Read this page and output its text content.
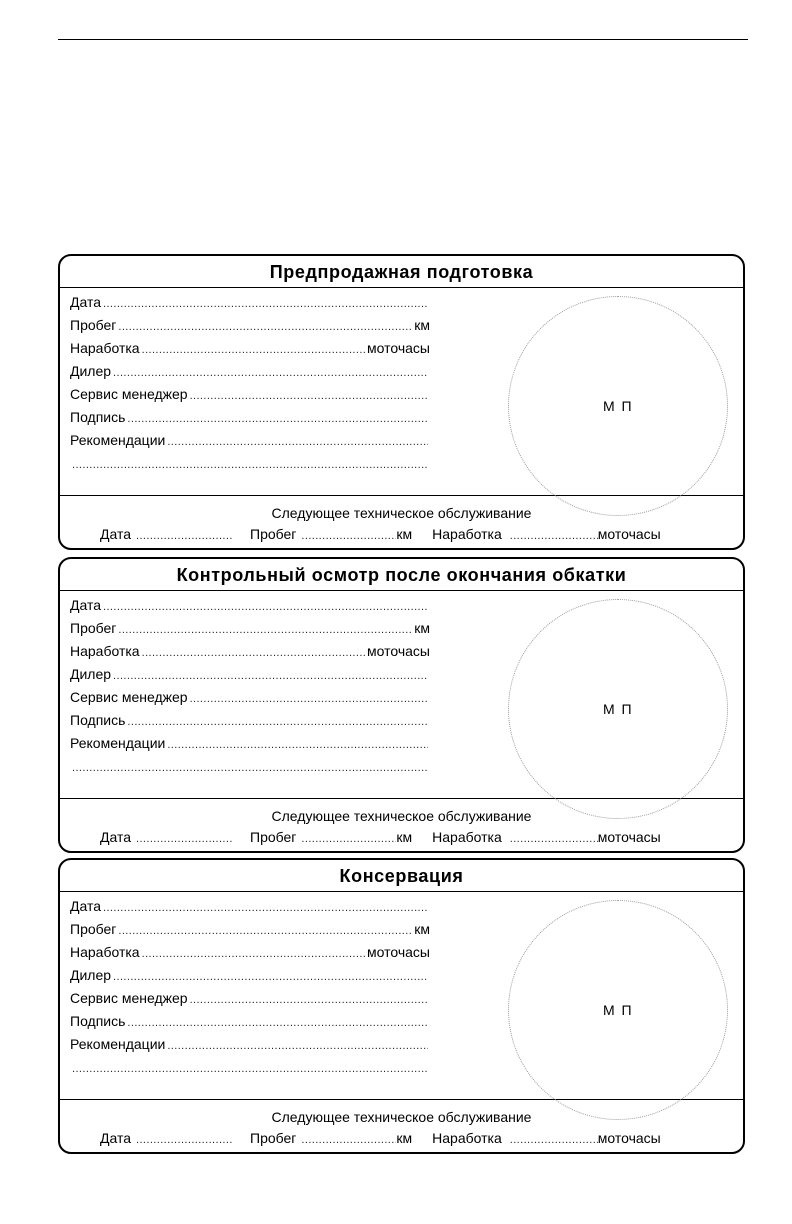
Предпродажная подготовка
Дата
.....
Пробег .....	км
Наработка .....	моточасы
Дилер
.....
Сервис менеджер
.....
Подпись
.....
Рекомендации
.....
.....
М П
Следующее техническое обслуживание
Дата .....	Пробег .....	км Наработка .....	моточасы
Контрольный осмотр после окончания обкатки
Дата
.....
Пробег .....	км
Наработка .....	моточасы
Дилер
.....
Сервис менеджер
.....
Подпись
.....
Рекомендации
.....
.....
М П
Следующее техническое обслуживание
Дата .....	Пробег .....	км Наработка .....	моточасы
Консервация
Дата
.....
Пробег .....	км
Наработка .....	моточасы
Дилер
.....
Сервис менеджер
.....
Подпись
.....
Рекомендации
.....
.....
М П
Следующее техническое обслуживание
Дата .....	Пробег .....	км Наработка .....	моточасы
